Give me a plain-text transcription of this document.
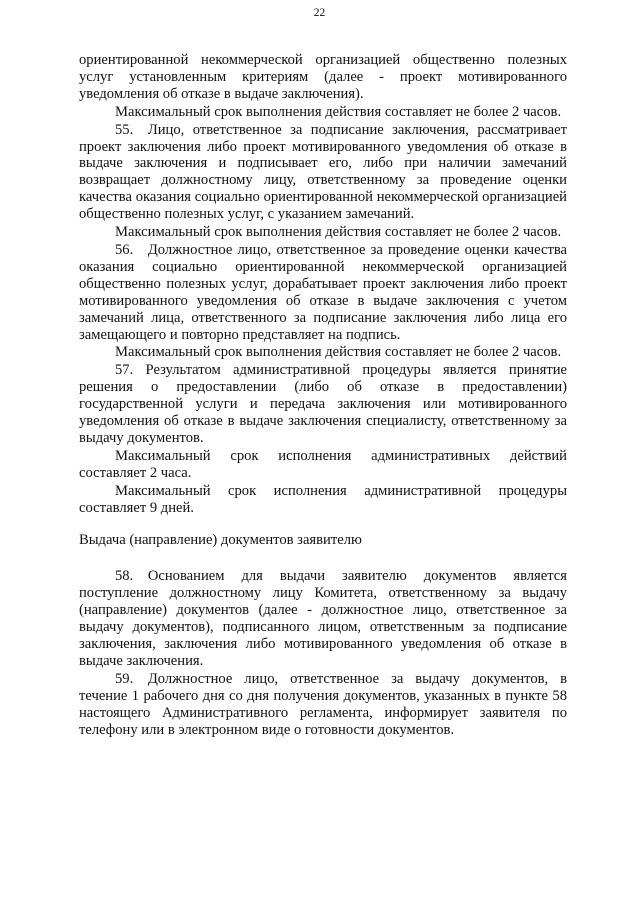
22

ориентированной некоммерческой организацией общественно полезных услуг установленным критериям (далее - проект мотивированного уведомления об отказе в выдаче заключения).

Максимальный срок выполнения действия составляет не более 2 часов.

55. Лицо, ответственное за подписание заключения, рассматривает проект заключения либо проект мотивированного уведомления об отказе в выдаче заключения и подписывает его, либо при наличии замечаний возвращает должностному лицу, ответственному за проведение оценки качества оказания социально ориентированной некоммерческой организацией общественно полезных услуг, с указанием замечаний.

Максимальный срок выполнения действия составляет не более 2 часов.

56. Должностное лицо, ответственное за проведение оценки качества оказания социально ориентированной некоммерческой организацией общественно полезных услуг, дорабатывает проект заключения либо проект мотивированного уведомления об отказе в выдаче заключения с учетом замечаний лица, ответственного за подписание заключения либо лица его замещающего и повторно представляет на подпись.

Максимальный срок выполнения действия составляет не более 2 часов.

57. Результатом административной процедуры является принятие решения о предоставлении (либо об отказе в предоставлении) государственной услуги и передача заключения или мотивированного уведомления об отказе в выдаче заключения специалисту, ответственному за выдачу документов.

Максимальный срок исполнения административных действий составляет 2 часа.

Максимальный срок исполнения административной процедуры составляет 9 дней.

Выдача (направление) документов заявителю

58. Основанием для выдачи заявителю документов является поступление должностному лицу Комитета, ответственному за выдачу (направление) документов (далее - должностное лицо, ответственное за выдачу документов), подписанного лицом, ответственным за подписание заключения, заключения либо мотивированного уведомления об отказе в выдаче заключения.

59. Должностное лицо, ответственное за выдачу документов, в течение 1 рабочего дня со дня получения документов, указанных в пункте 58 настоящего Административного регламента, информирует заявителя по телефону или в электронном виде о готовности документов.
